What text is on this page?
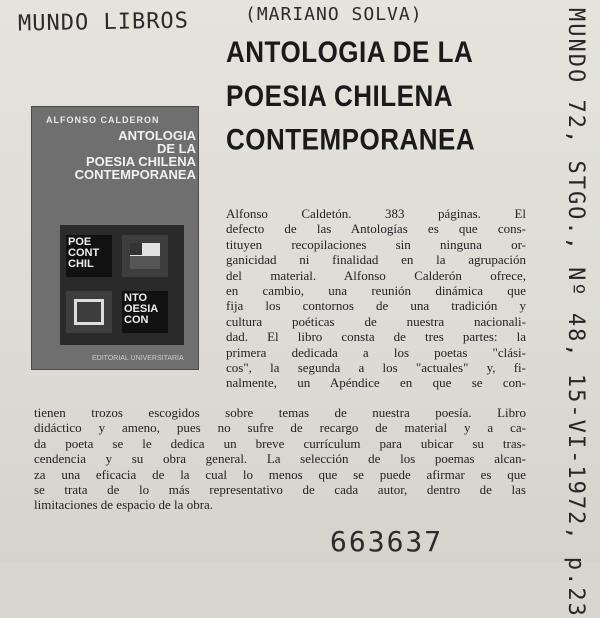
MUNDO LIBROS	(MARIANO SOLVA)	MUNDO 72, STGO., Nº 48, 15-VI-1972, p.23
663637
ANTOLOGIA DE LA
POESIA CHILENA
CONTEMPORANEA
ALFONSO CALDERON
ANTOLOGIA
DE LA
POESIA CHILENA
CONTEMPORANEA
POE CONT CHIL
NTO OESIA CON
EDITORIAL UNIVERSITARIA
Alfonso Caldetón. 383 páginas. El
defecto de las Antologías es que cons-
tituyen recopilaciones sin ninguna or-
ganicidad ni finalidad en la agrupación
del material. Alfonso Calderón ofrece,
en cambio, una reunión dinámica que
fija los contornos de una tradición y
cultura poéticas de nuestra nacionali-
dad. El libro consta de tres partes: la
primera dedicada a los poetas "clási-
cos", la segunda a los "actuales" y, fi-
nalmente, un Apéndice en que se con-
tienen trozos escogidos sobre temas de nuestra poesía. Libro
didáctico y ameno, pues no sufre de recargo de material y a ca-
da poeta se le dedica un breve currículum para ubicar su tras-
cendencia y su obra general. La selección de los poemas alcan-
za una eficacia de la cual lo menos que se puede afirmar es que
se trata de lo más representativo de cada autor, dentro de las
limitaciones de espacio de la obra.
